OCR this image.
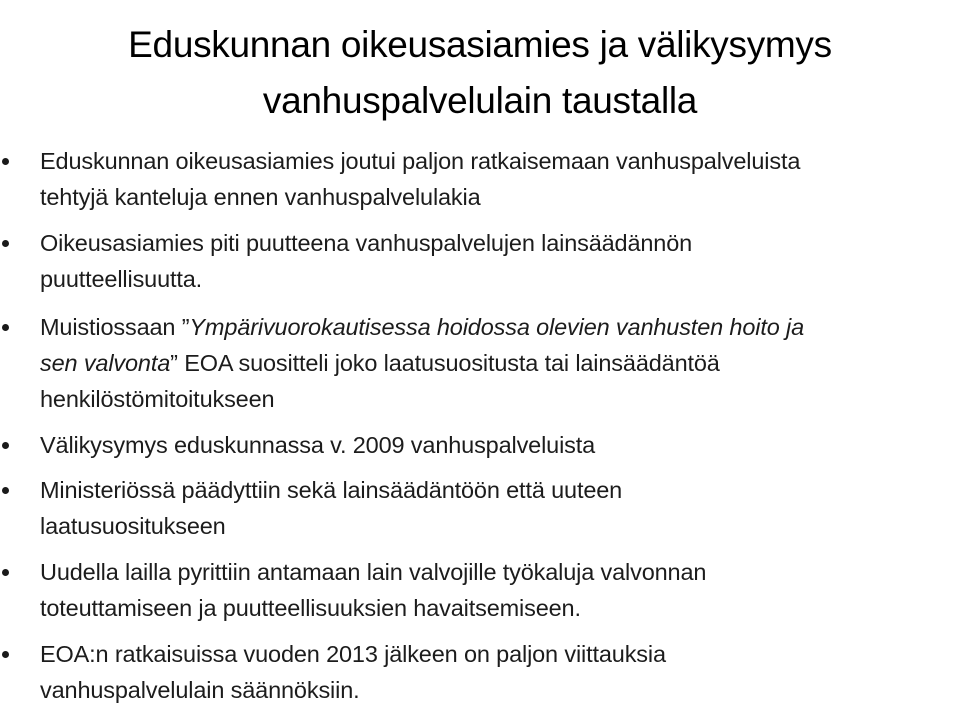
Eduskunnan oikeusasiamies ja välikysymys
vanhuspalvelulain taustalla
Eduskunnan oikeusasiamies joutui paljon ratkaisemaan vanhuspalveluista
tehtyjä kanteluja ennen vanhuspalvelulakia
Oikeusasiamies piti puutteena vanhuspalvelujen lainsäädännön
puutteellisuutta.
Muistiossaan ”Ympärivuorokautisessa hoidossa olevien vanhusten hoito ja
sen valvonta” EOA suositteli joko laatusuositusta tai lainsäädäntöä
henkilöstömitoitukseen
Välikysymys eduskunnassa v. 2009 vanhuspalveluista
Ministeriössä päädyttiin sekä lainsäädäntöön että uuteen
laatusuositukseen
Uudella lailla pyrittiin antamaan lain valvojille työkaluja valvonnan
toteuttamiseen ja puutteellisuuksien havaitsemiseen.
EOA:n ratkaisuissa vuoden 2013 jälkeen on paljon viittauksia
vanhuspalvelulain säännöksiin.
